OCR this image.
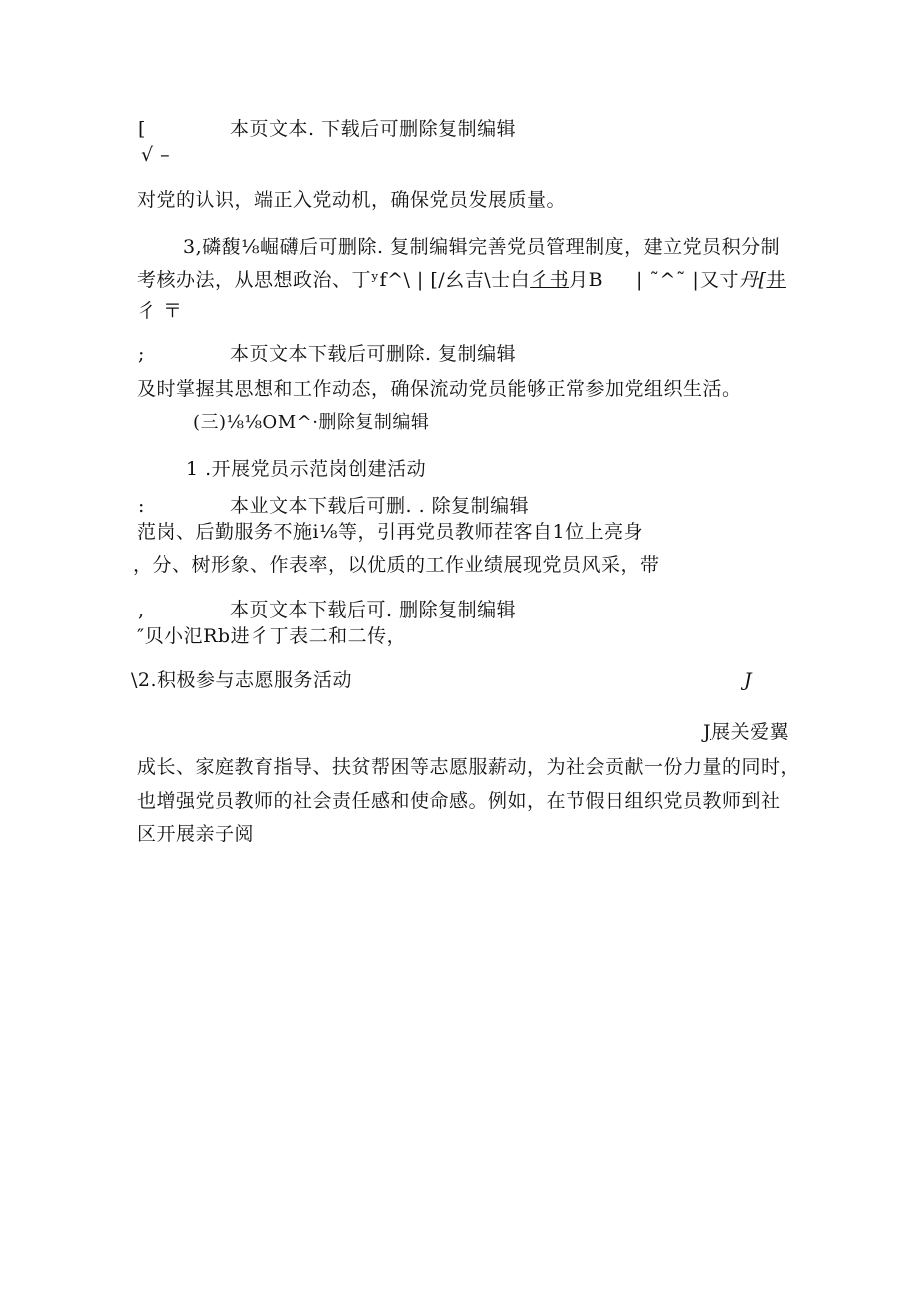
[	本页文本. 下载后可删除复制编辑
√ –
对党的认识，端正入党动机，确保党员发展质量。
3,磷馥⅛崛礴后可删除. 复制编辑完善党员管理制度，建立党员积分制
考核办法，从思想政治、丁ʸf^\ | [/幺吉\士白彳书月B | ˜^˜ | 又寸丹[井
彳 〒
;	本页文本下载后可删除. 复制编辑
及时掌握其思想和工作动态，确保流动党员能够正常参加党组织生活。
(三)⅛⅛OM^·删除复制编辑
1 .开展党员示范岗创建活动
:	本业文本下载后可删. . 除复制编辑
范岗、后勤服务不施i⅛等，引再党员教师茬客自1位上亮身
，分、树形象、作表率，以优质的工作业绩展现党员风采，带
,	本页文本下载后可. 删除复制编辑
″贝小氾Rb进彳丁表二和二传，
\2.积极参与志愿服务活动	J
J展关爱翼
成长、家庭教育指导、扶贫帮困等志愿服薪动，为社会贡献一份力量的同时，
也增强党员教师的社会责任感和使命感。例如，在节假日组织党员教师到社
区开展亲子阅
